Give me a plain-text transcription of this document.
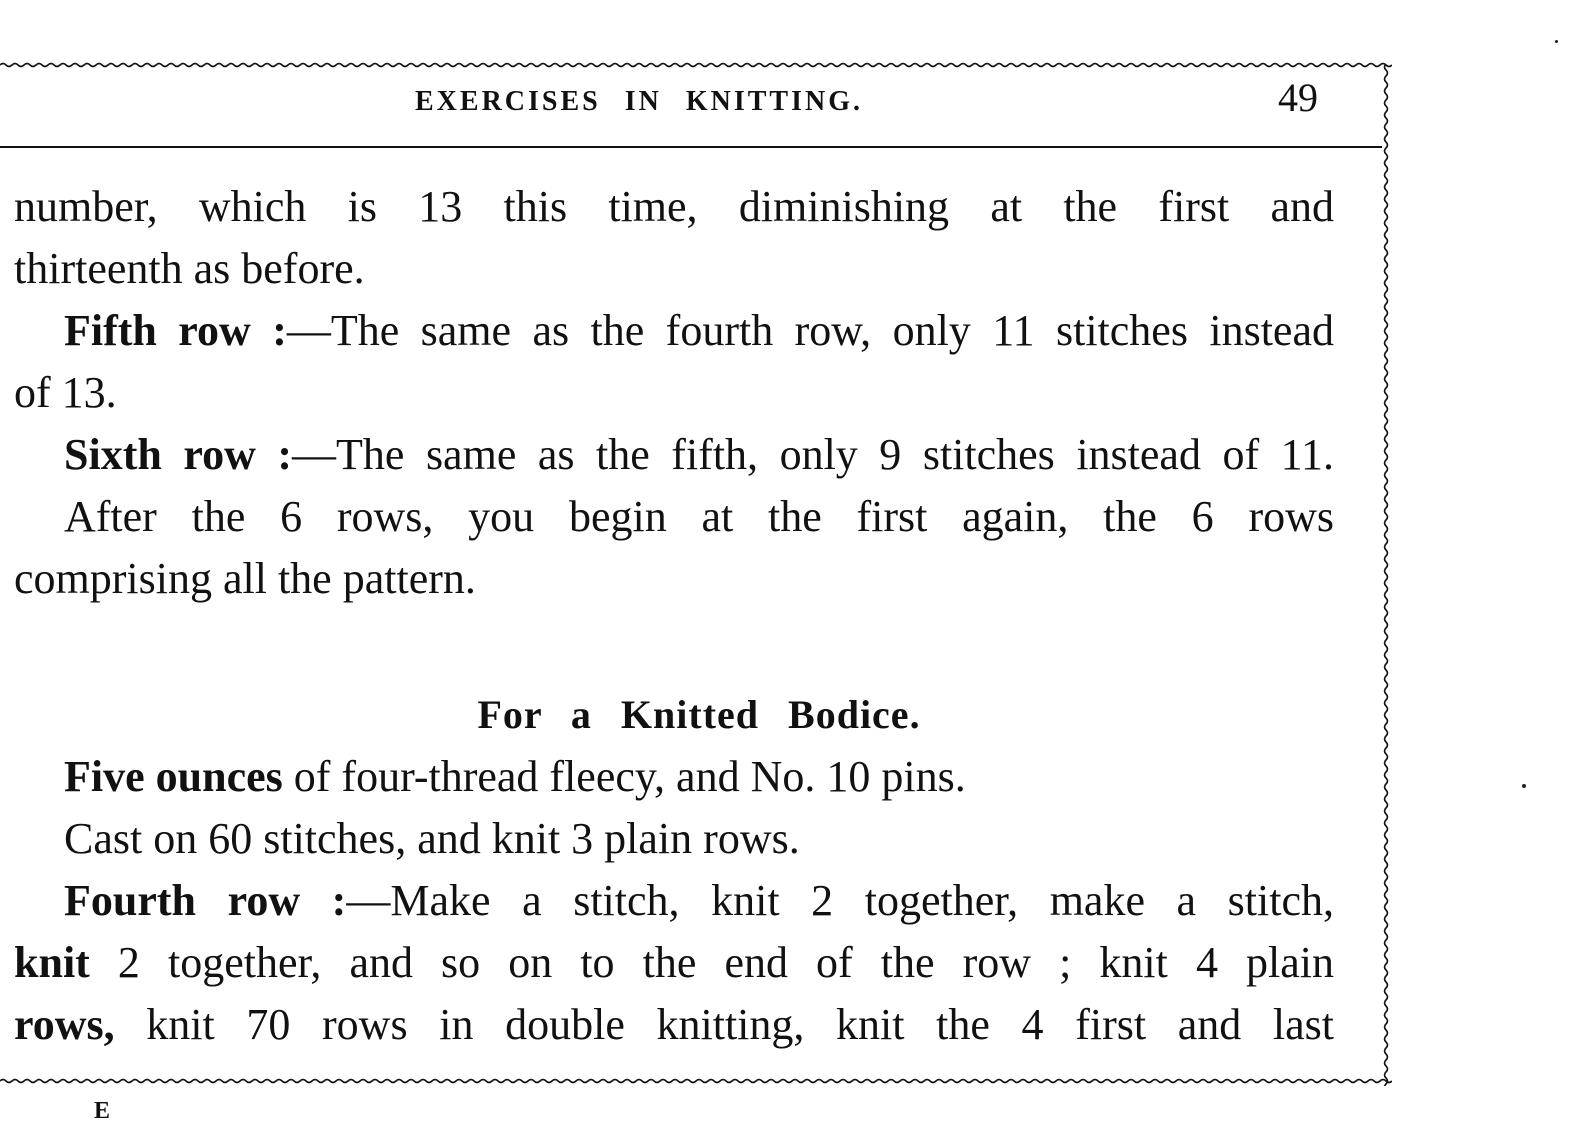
EXERCISES IN KNITTING.	49
number, which is 13 this time, diminishing at the first and
thirteenth as before.
Fifth row :—The same as the fourth row, only 11 stitches instead
of 13.
Sixth row :—The same as the fifth, only 9 stitches instead of 11.
After the 6 rows, you begin at the first again, the 6 rows
comprising all the pattern.
For a Knitted Bodice.
Five ounces of four-thread fleecy, and No. 10 pins.
Cast on 60 stitches, and knit 3 plain rows.
Fourth row :—Make a stitch, knit 2 together, make a stitch,
knit 2 together, and so on to the end of the row ; knit 4 plain
rows, knit 70 rows in double knitting, knit the 4 first and last
E
